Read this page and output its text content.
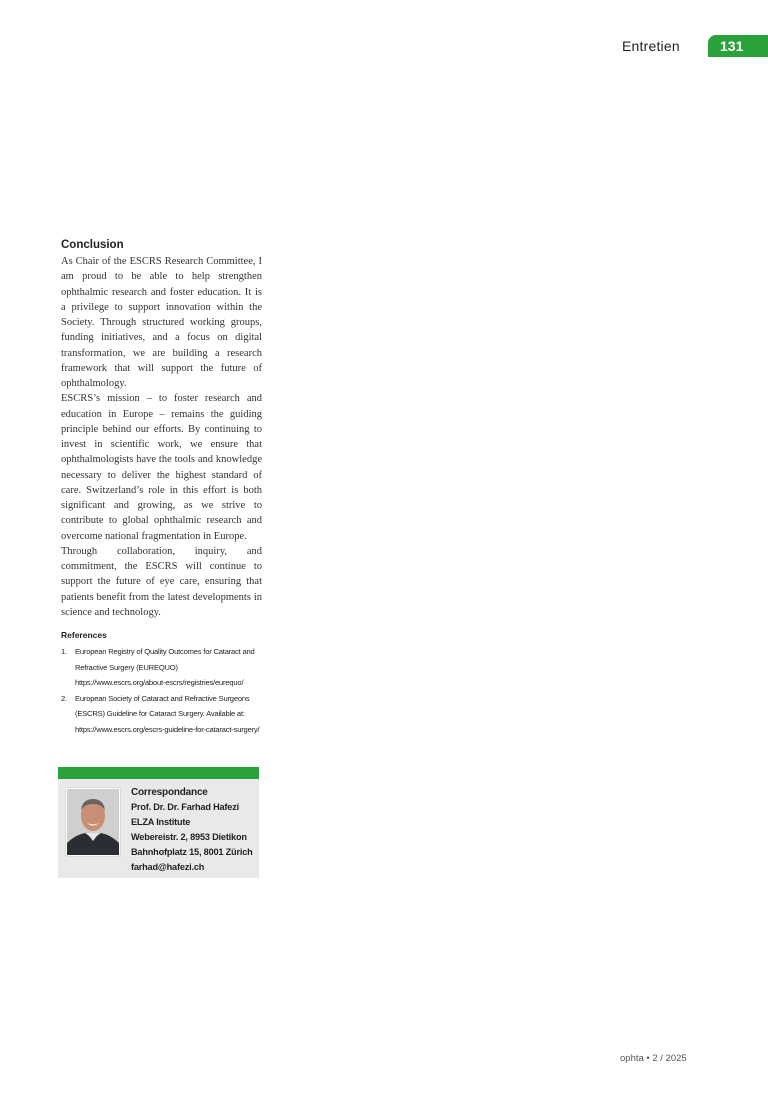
Entretien	131
Conclusion

As Chair of the ESCRS Research Committee, I am proud to be able to help strengthen ophthalmic research and foster education. It is a privilege to support innovation within the Society. Through structured working groups, funding initiatives, and a focus on digital transformation, we are building a research framework that will support the future of ophthalmology.

ESCRS’s mission – to foster research and education in Europe – remains the guiding principle behind our efforts. By continuing to invest in scientific work, we ensure that ophthalmologists have the tools and knowledge necessary to deliver the highest standard of care. Switzerland’s role in this effort is both significant and growing, as we strive to contribute to global ophthalmic research and overcome national fragmentation in Europe.

Through collaboration, inquiry, and commitment, the ESCRS will continue to support the future of eye care, ensuring that patients benefit from the latest developments in science and technology.

References
1. European Registry of Quality Outcomes for Cataract and Refractive Surgery (EUREQUO) https://www.escrs.org/about-escrs/registries/eurequo/
2. European Society of Cataract and Refractive Surgeons (ESCRS) Guideline for Cataract Surgery. Available at: https://www.escrs.org/escrs-guideline-for-cataract-surgery/
Correspondance
Prof. Dr. Dr. Farhad Hafezi
ELZA Institute
Webereistr. 2, 8953 Dietikon
Bahnhofplatz 15, 8001 Zürich
farhad@hafezi.ch
ophta • 2 / 2025
